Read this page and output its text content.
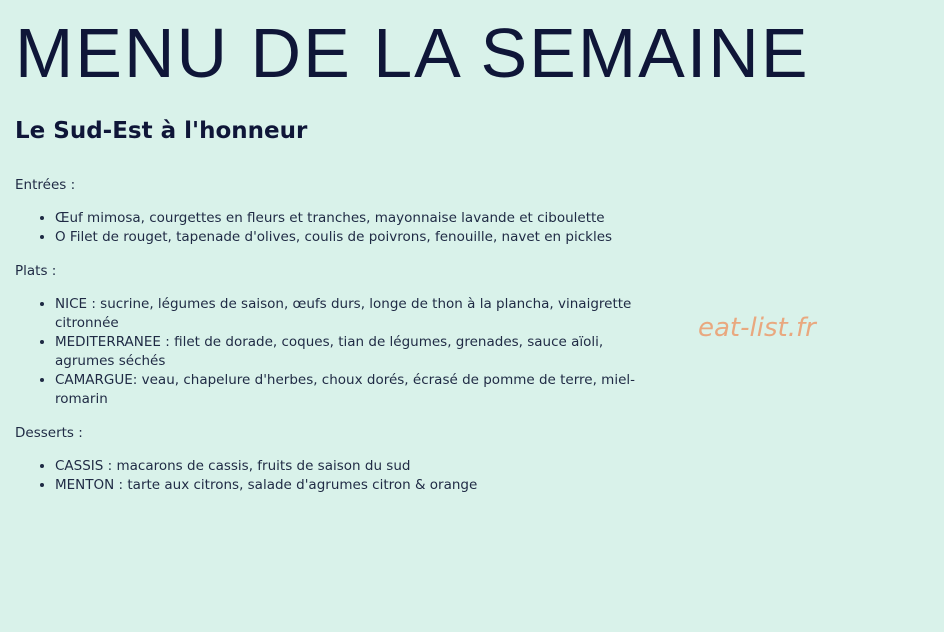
MENU DE LA SEMAINE
Le Sud-Est à l'honneur

Entrées :

• Œuf mimosa, courgettes en fleurs et tranches, mayonnaise lavande et ciboulette
• O Filet de rouget, tapenade d'olives, coulis de poivrons, fenouille, navet en pickles

Plats :

• NICE : sucrine, légumes de saison, œufs durs, longe de thon à la plancha, vinaigrette citronnée
• MEDITERRANEE : filet de dorade, coques, tian de légumes, grenades, sauce aïoli, agrumes séchés
• CAMARGUE: veau, chapelure d'herbes, choux dorés, écrasé de pomme de terre, miel-romarin

Desserts :

• CASSIS : macarons de cassis, fruits de saison du sud
• MENTON : tarte aux citrons, salade d'agrumes citron & orange
eat-list.fr
